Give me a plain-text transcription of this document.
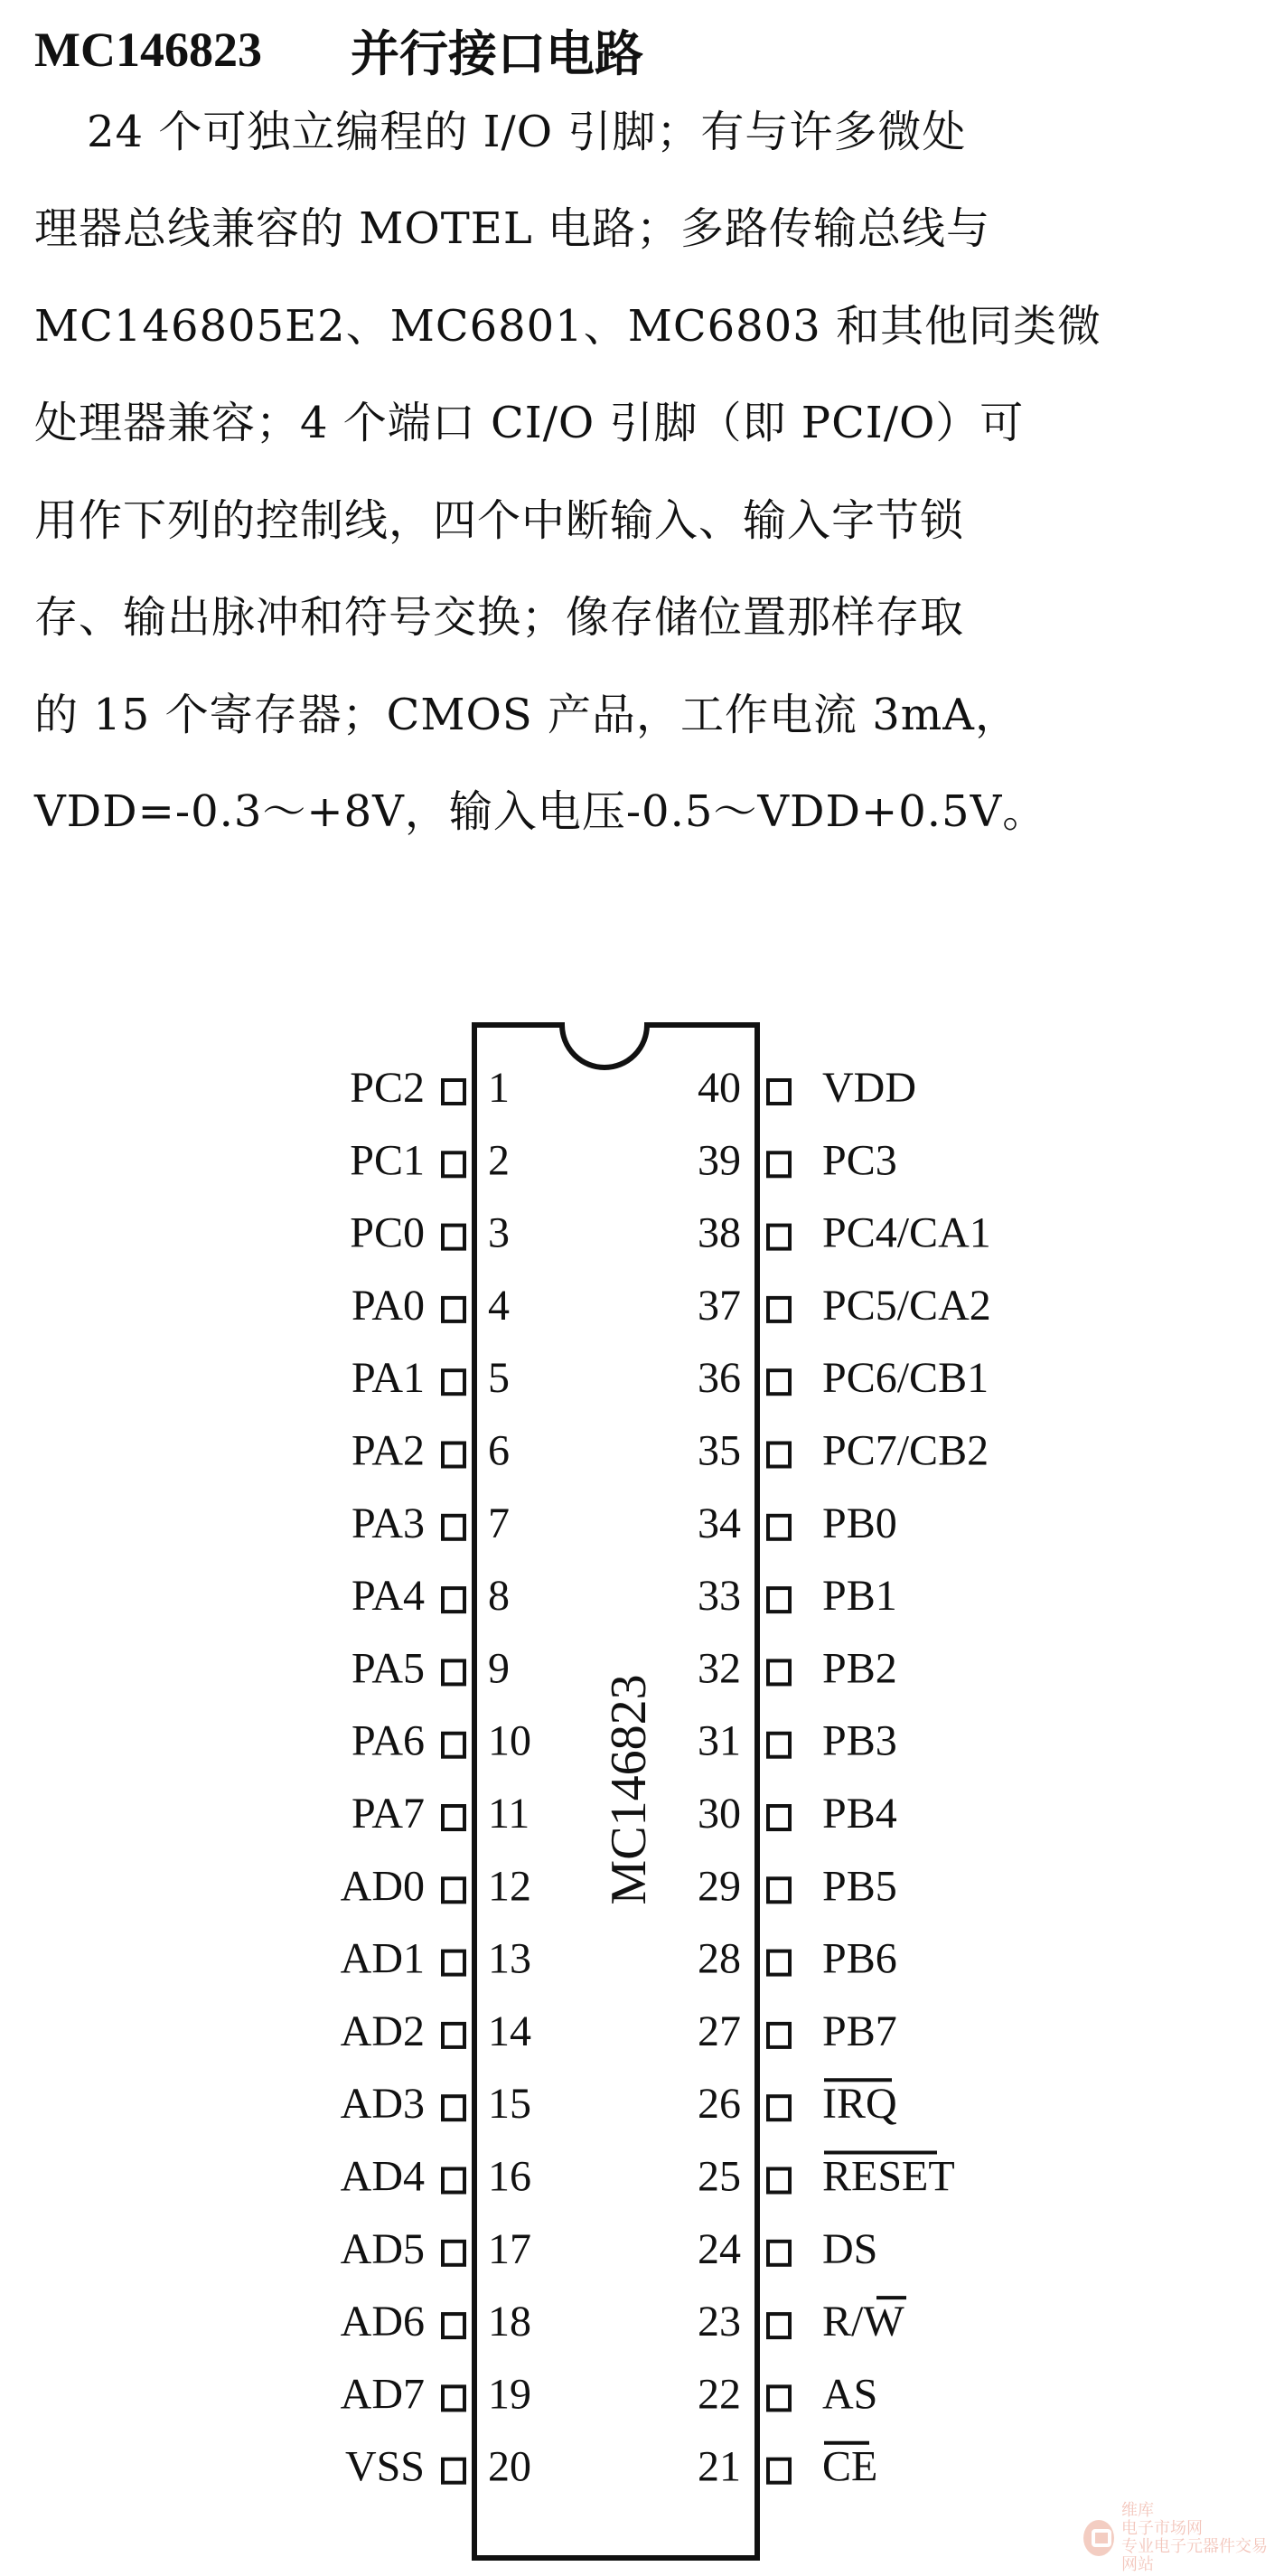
MC146823 并行接口电路
24 个可独立编程的 I/O 引脚；有与许多微处
理器总线兼容的 MOTEL 电路；多路传输总线与
MC146805E2、MC6801、MC6803 和其他同类微
处理器兼容；4 个端口 CI/O 引脚（即 PCI/O）可
用作下列的控制线，四个中断输入、输入字节锁
存、输出脉冲和符号交换；像存储位置那样存取
的 15 个寄存器；CMOS 产品，工作电流 3mA，
VDD=-0.3～+8V，输入电压-0.5～VDD+0.5V。
MC146823
PC2 1
PC1 2
PC0 3
PA0 4
PA1 5
PA2 6
PA3 7
PA4 8
PA5 9
PA6 10
PA7 11
AD0 12
AD1 13
AD2 14
AD3 15
AD4 16
AD5 17
AD6 18
AD7 19
VSS 20
40 VDD
39 PC3
38 PC4/CA1
37 PC5/CA2
36 PC6/CB1
35 PC7/CB2
34 PB0
33 PB1
32 PB2
31 PB3
30 PB4
29 PB5
28 PB6
27 PB7
26 IRQ
25 RESET
24 DS
23 R/W
22 AS
21 CE
维库
电子市场网
专业电子元器件交易网站
